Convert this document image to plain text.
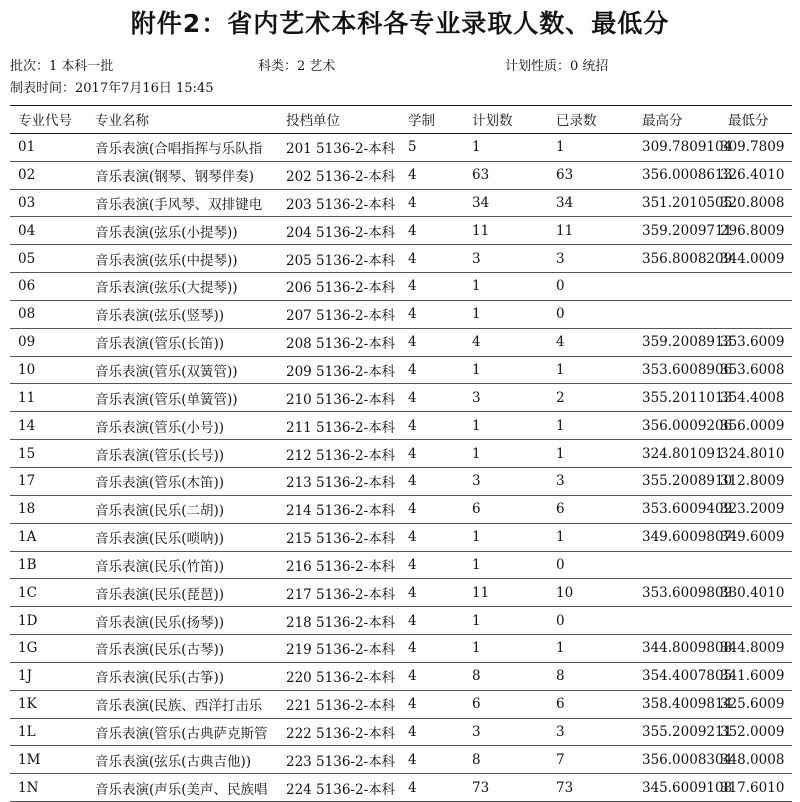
附件2：省内艺术本科各专业录取人数、最低分
批次：1 本科一批	科类：2 艺术	计划性质：0 统招
制表时间：2017年7月16日 15:45
专业代号	专业名称	投档单位	学制	计划数	已录数	最高分	最低分
01	音乐表演(合唱指挥与乐队指	201 5136-2-本科	5	1	1	309.7809104	309.7809
02	音乐表演(钢琴、钢琴伴奏)	202 5136-2-本科	4	63	63	356.0008613	326.4010
03	音乐表演(手风琴、双排键电	203 5136-2-本科	4	34	34	351.2010505	320.8008
04	音乐表演(弦乐(小提琴))	204 5136-2-本科	4	11	11	359.2009711	296.8009
05	音乐表演(弦乐(中提琴))	205 5136-2-本科	4	3	3	356.8008209	344.0009
06	音乐表演(弦乐(大提琴))	206 5136-2-本科	4	1	0		
08	音乐表演(弦乐(竖琴))	207 5136-2-本科	4	1	0		
09	音乐表演(管乐(长笛))	208 5136-2-本科	4	4	4	359.2008913	353.6009
10	音乐表演(管乐(双簧管))	209 5136-2-本科	4	1	1	353.6008906	353.6008
11	音乐表演(管乐(单簧管))	210 5136-2-本科	4	3	2	355.2011013	354.4008
14	音乐表演(管乐(小号))	211 5136-2-本科	4	1	1	356.0009206	356.0009
15	音乐表演(管乐(长号))	212 5136-2-本科	4	1	1	324.801091	324.8010
17	音乐表演(管乐(木笛))	213 5136-2-本科	4	3	3	355.2008910	312.8009
18	音乐表演(民乐(二胡))	214 5136-2-本科	4	6	6	353.6009409	323.2009
1A	音乐表演(民乐(唢呐))	215 5136-2-本科	4	1	1	349.6009807	349.6009
1B	音乐表演(民乐(竹笛))	216 5136-2-本科	4	1	0		
1C	音乐表演(民乐(琵琶))	217 5136-2-本科	4	11	10	353.6009809	330.4010
1D	音乐表演(民乐(扬琴))	218 5136-2-本科	4	1	0		
1G	音乐表演(民乐(古琴))	219 5136-2-本科	4	1	1	344.8009808	344.8009
1J	音乐表演(民乐(古筝))	220 5136-2-本科	4	8	8	354.4007805	341.6009
1K	音乐表演(民族、西洋打击乐	221 5136-2-本科	4	6	6	358.4009814	325.6009
1L	音乐表演(管乐(古典萨克斯管	222 5136-2-本科	4	3	3	355.2009211	352.0009
1M	音乐表演(弦乐(古典吉他))	223 5136-2-本科	4	8	7	356.0008304	348.0008
1N	音乐表演(声乐(美声、民族唱	224 5136-2-本科	4	73	73	345.6009108	317.6010
